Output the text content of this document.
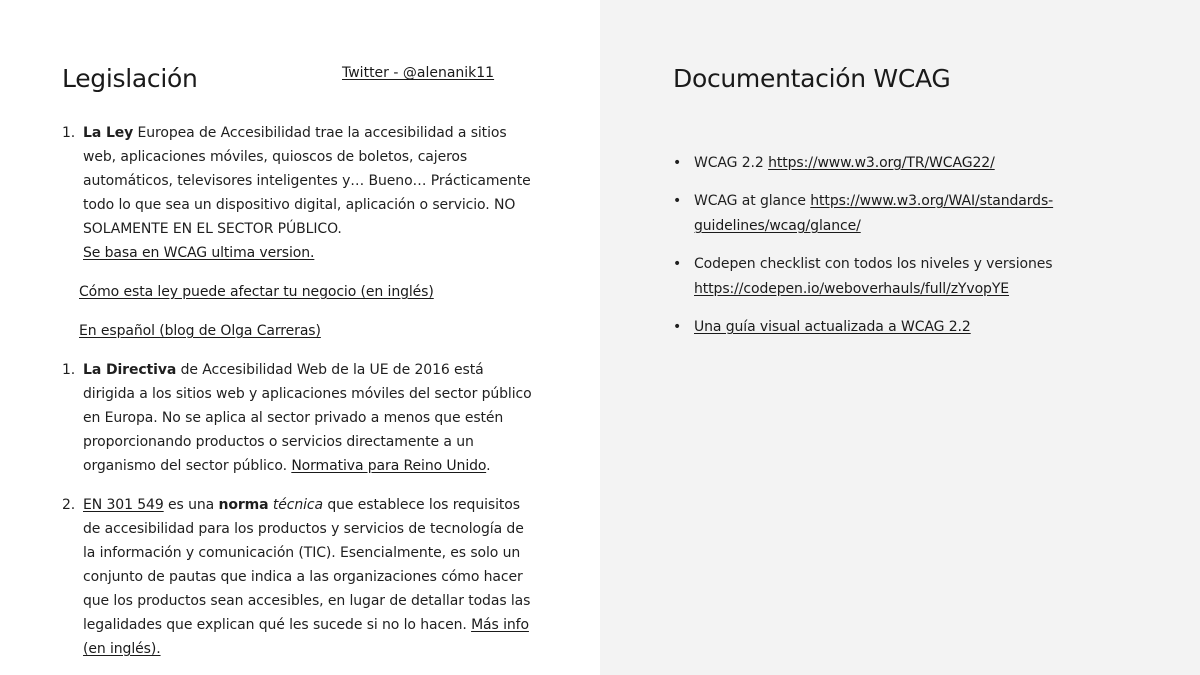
Legislación	Twitter - @alenanik11
1. La Ley Europea de Accesibilidad trae la accesibilidad a sitios web, aplicaciones móviles, quioscos de boletos, cajeros automáticos, televisores inteligentes y… Bueno… Prácticamente todo lo que sea un dispositivo digital, aplicación o servicio. NO SOLAMENTE EN EL SECTOR PÚBLICO.
Se basa en WCAG ultima version.
Cómo esta ley puede afectar tu negocio (en inglés)
En español (blog de Olga Carreras)
1. La Directiva de Accesibilidad Web de la UE de 2016 está dirigida a los sitios web y aplicaciones móviles del sector público en Europa. No se aplica al sector privado a menos que estén proporcionando productos o servicios directamente a un organismo del sector público. Normativa para Reino Unido.
2. EN 301 549 es una norma técnica que establece los requisitos de accesibilidad para los productos y servicios de tecnología de la información y comunicación (TIC). Esencialmente, es solo un conjunto de pautas que indica a las organizaciones cómo hacer que los productos sean accesibles, en lugar de detallar todas las legalidades que explican qué les sucede si no lo hacen. Más info (en inglés).
Documentación WCAG
• WCAG 2.2 https://www.w3.org/TR/WCAG22/
• WCAG at glance https://www.w3.org/WAI/standards-guidelines/wcag/glance/
• Codepen checklist con todos los niveles y versiones https://codepen.io/weboverhauls/full/zYvopYE
• Una guía visual actualizada a WCAG 2.2
